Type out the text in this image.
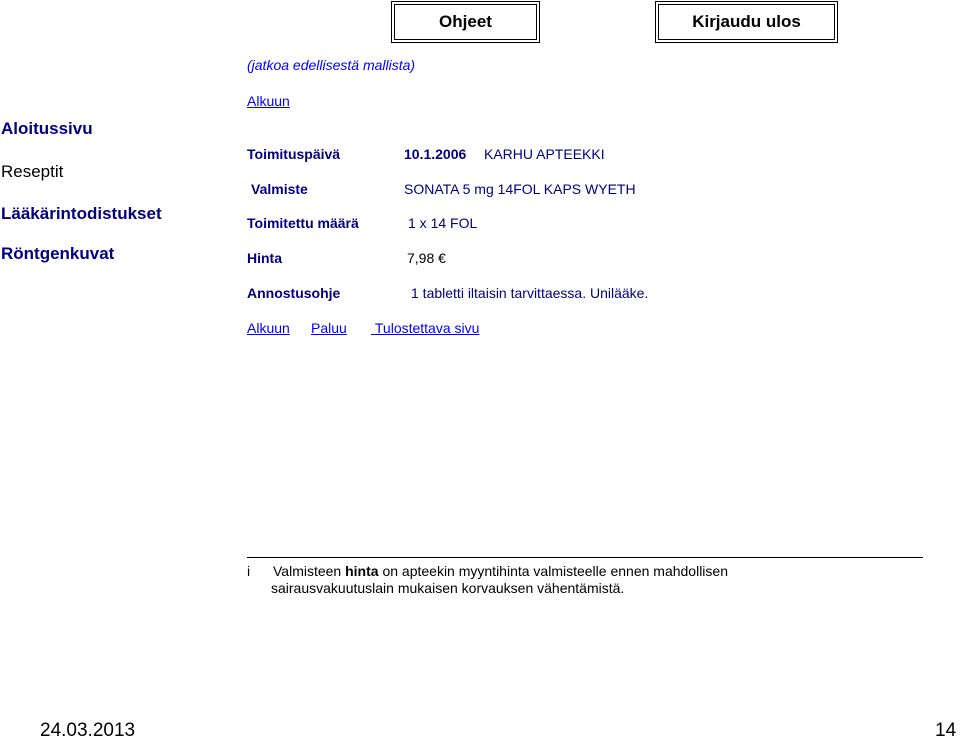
Ohjeet	Kirjaudu ulos
(jatkoa edellisestä mallista)
Alkuun
Aloitussivu
Reseptit
Lääkärintodistukset
Röntgenkuvat
Toimituspäivä	10.1.2006 KARHU APTEEKKI
Valmiste	SONATA 5 mg 14FOL KAPS WYETH
Toimitettu määrä	1 x 14 FOL
Hinta	7,98 €
Annostusohje	1 tabletti iltaisin tarvittaessa. Unilääke.
Alkuun Paluu Tulostettava sivu
i Valmisteen hinta on apteekin myyntihinta valmisteelle ennen mahdollisen
sairausvakuutuslain mukaisen korvauksen vähentämistä.
24.03.2013	14
